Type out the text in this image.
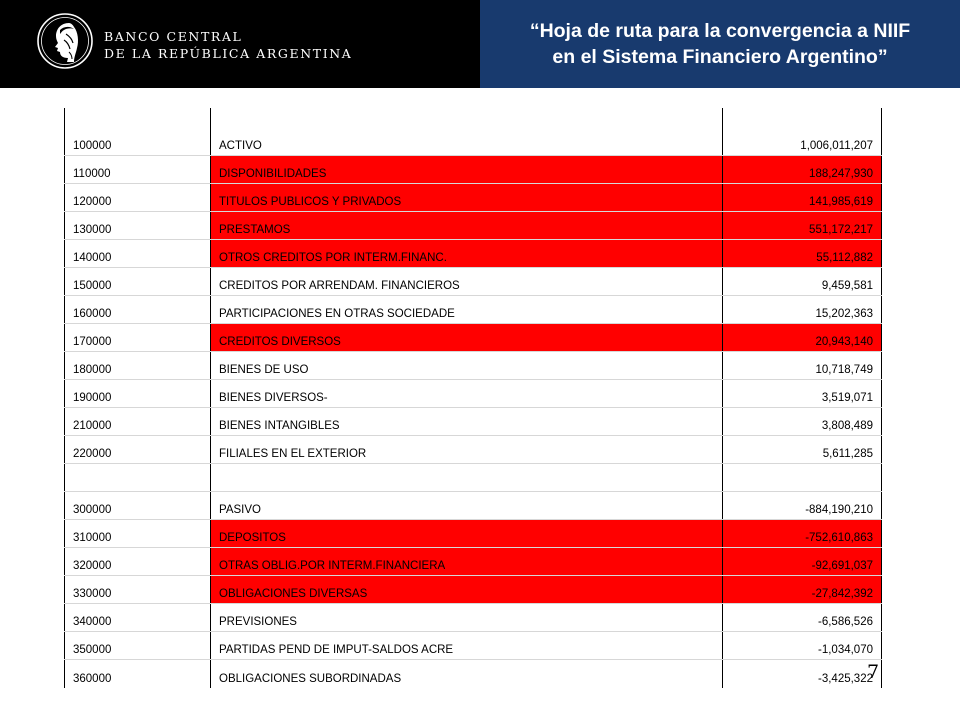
BANCO CENTRAL
DE LA REPÚBLICA ARGENTINA
“Hoja de ruta para la convergencia a NIIF
en el Sistema Financiero Argentino”
100000	ACTIVO	1,006,011,207
110000	DISPONIBILIDADES	188,247,930
120000	TITULOS PUBLICOS Y PRIVADOS	141,985,619
130000	PRESTAMOS	551,172,217
140000	OTROS CREDITOS POR INTERM.FINANC.	55,112,882
150000	CREDITOS POR ARRENDAM. FINANCIEROS	9,459,581
160000	PARTICIPACIONES EN OTRAS SOCIEDADE	15,202,363
170000	CREDITOS DIVERSOS	20,943,140
180000	BIENES DE USO	10,718,749
190000	BIENES DIVERSOS-	3,519,071
210000	BIENES INTANGIBLES	3,808,489
220000	FILIALES EN EL EXTERIOR	5,611,285

300000	PASIVO	-884,190,210
310000	DEPOSITOS	-752,610,863
320000	OTRAS OBLIG.POR INTERM.FINANCIERA	-92,691,037
330000	OBLIGACIONES DIVERSAS	-27,842,392
340000	PREVISIONES	-6,586,526
350000	PARTIDAS PEND DE IMPUT-SALDOS ACRE	-1,034,070
360000	OBLIGACIONES SUBORDINADAS	-3,425,322
7
